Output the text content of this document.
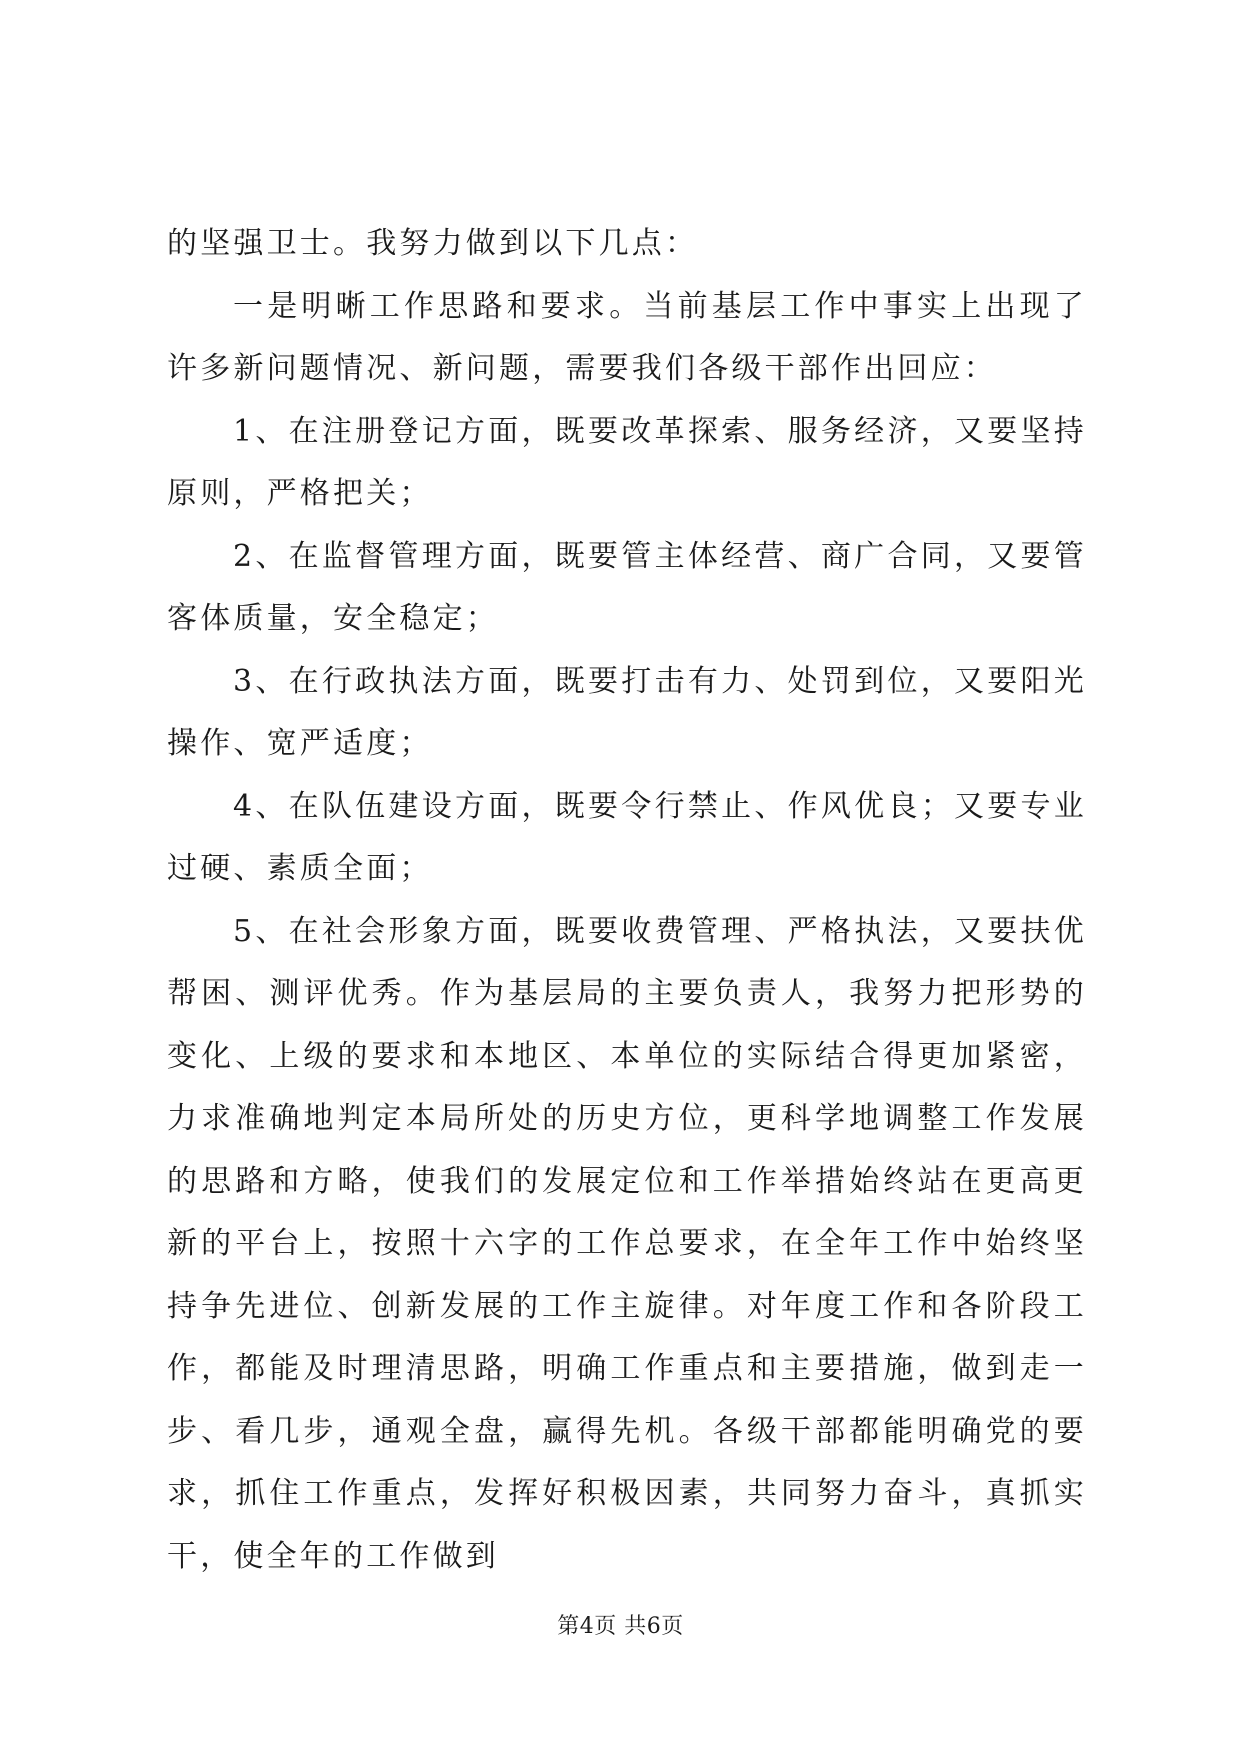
的坚强卫士。我努力做到以下几点：

一是明晰工作思路和要求。当前基层工作中事实上出现了许多新问题情况、新问题，需要我们各级干部作出回应：

1、在注册登记方面，既要改革探索、服务经济，又要坚持原则，严格把关；

2、在监督管理方面，既要管主体经营、商广合同，又要管客体质量，安全稳定；

3、在行政执法方面，既要打击有力、处罚到位，又要阳光操作、宽严适度；

4、在队伍建设方面，既要令行禁止、作风优良；又要专业过硬、素质全面；

5、在社会形象方面，既要收费管理、严格执法，又要扶优帮困、测评优秀。作为基层局的主要负责人，我努力把形势的变化、上级的要求和本地区、本单位的实际结合得更加紧密，力求准确地判定本局所处的历史方位，更科学地调整工作发展的思路和方略，使我们的发展定位和工作举措始终站在更高更新的平台上，按照十六字的工作总要求，在全年工作中始终坚持争先进位、创新发展的工作主旋律。对年度工作和各阶段工作，都能及时理清思路，明确工作重点和主要措施，做到走一步、看几步，通观全盘，赢得先机。各级干部都能明确党的要求，抓住工作重点，发挥好积极因素，共同努力奋斗，真抓实干，使全年的工作做到

第4页 共6页
